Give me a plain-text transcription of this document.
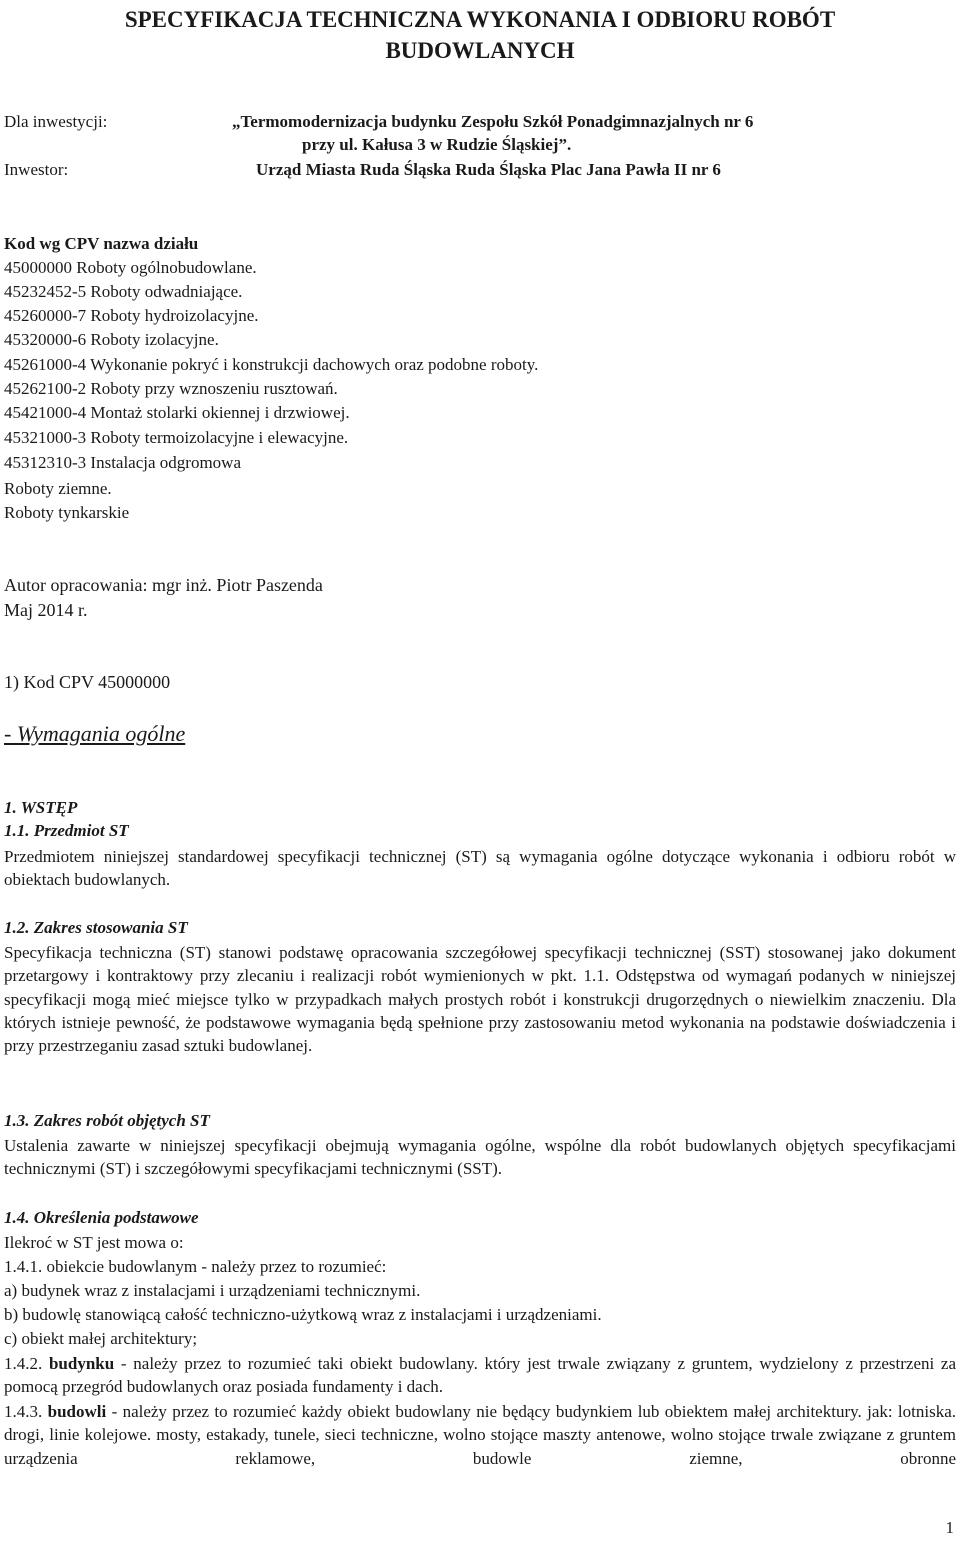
SPECYFIKACJA TECHNICZNA WYKONANIA I ODBIORU ROBÓT
BUDOWLANYCH
Dla inwestycji:	„Termomodernizacja budynku Zespołu Szkół Ponadgimnazjalnych nr 6
przy ul. Kałusa 3 w Rudzie Śląskiej”.
Inwestor:	Urząd Miasta Ruda Śląska Ruda Śląska Plac Jana Pawła II nr 6
Kod wg CPV nazwa działu
45000000 Roboty ogólnobudowlane.
45232452-5 Roboty odwadniające.
45260000-7 Roboty hydroizolacyjne.
45320000-6 Roboty izolacyjne.
45261000-4 Wykonanie pokryć i konstrukcji dachowych oraz podobne roboty.
45262100-2 Roboty przy wznoszeniu rusztowań.
45421000-4 Montaż stolarki okiennej i drzwiowej.
45321000-3 Roboty termoizolacyjne i elewacyjne.
45312310-3 Instalacja odgromowa
Roboty ziemne.
Roboty tynkarskie
Autor opracowania: mgr inż. Piotr Paszenda
Maj 2014 r.
1) Kod CPV 45000000
- Wymagania ogólne
1. WSTĘP
1.1. Przedmiot ST
Przedmiotem niniejszej standardowej specyfikacji technicznej (ST) są wymagania ogólne dotyczące wykonania i odbioru robót w obiektach budowlanych.
1.2. Zakres stosowania ST
Specyfikacja techniczna (ST) stanowi podstawę opracowania szczegółowej specyfikacji technicznej (SST) stosowanej jako dokument przetargowy i kontraktowy przy zlecaniu i realizacji robót wymienionych w pkt. 1.1. Odstępstwa od wymagań podanych w niniejszej specyfikacji mogą mieć miejsce tylko w przypadkach małych prostych robót i konstrukcji drugorzędnych o niewielkim znaczeniu. Dla których istnieje pewność, że podstawowe wymagania będą spełnione przy zastosowaniu metod wykonania na podstawie doświadczenia i przy przestrzeganiu zasad sztuki budowlanej.
1.3. Zakres robót objętych ST
Ustalenia zawarte w niniejszej specyfikacji obejmują wymagania ogólne, wspólne dla robót budowlanych objętych specyfikacjami technicznymi (ST) i szczegółowymi specyfikacjami technicznymi (SST).
1.4. Określenia podstawowe
Ilekroć w ST jest mowa o:
1.4.1. obiekcie budowlanym - należy przez to rozumieć:
a) budynek wraz z instalacjami i urządzeniami technicznymi.
b) budowlę stanowiącą całość techniczno-użytkową wraz z instalacjami i urządzeniami.
c) obiekt małej architektury;
1.4.2. budynku - należy przez to rozumieć taki obiekt budowlany. który jest trwale związany z gruntem, wydzielony z przestrzeni za pomocą przegród budowlanych oraz posiada fundamenty i dach.
1.4.3. budowli - należy przez to rozumieć każdy obiekt budowlany nie będący budynkiem lub obiektem małej architektury. jak: lotniska. drogi, linie kolejowe. mosty, estakady, tunele, sieci techniczne, wolno stojące maszty antenowe, wolno stojące trwale związane z gruntem urządzenia reklamowe, budowle ziemne, obronne
1
